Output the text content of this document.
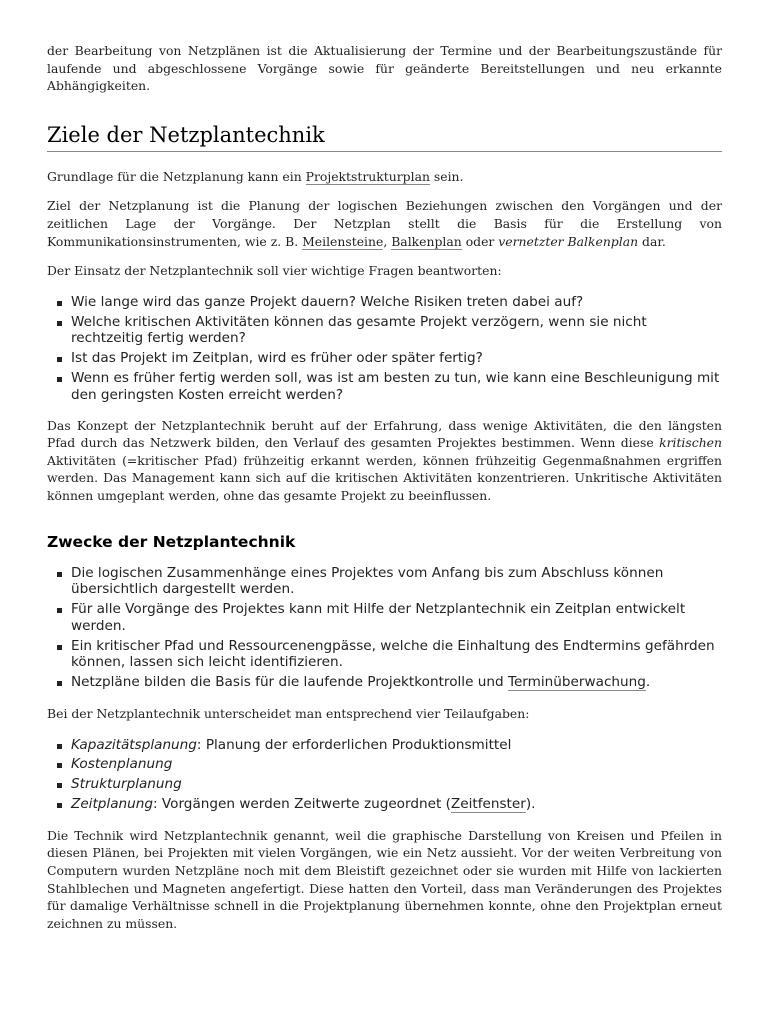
der Bearbeitung von Netzplänen ist die Aktualisierung der Termine und der Bearbeitungszustände für laufende und abgeschlossene Vorgänge sowie für geänderte Bereitstellungen und neu erkannte Abhängigkeiten.

Ziele der Netzplantechnik

Grundlage für die Netzplanung kann ein Projektstrukturplan sein.

Ziel der Netzplanung ist die Planung der logischen Beziehungen zwischen den Vorgängen und der zeitlichen Lage der Vorgänge. Der Netzplan stellt die Basis für die Erstellung von Kommunikationsinstrumenten, wie z. B. Meilensteine, Balkenplan oder vernetzter Balkenplan dar.

Der Einsatz der Netzplantechnik soll vier wichtige Fragen beantworten:

Wie lange wird das ganze Projekt dauern? Welche Risiken treten dabei auf?
Welche kritischen Aktivitäten können das gesamte Projekt verzögern, wenn sie nicht rechtzeitig fertig werden?
Ist das Projekt im Zeitplan, wird es früher oder später fertig?
Wenn es früher fertig werden soll, was ist am besten zu tun, wie kann eine Beschleunigung mit den geringsten Kosten erreicht werden?

Das Konzept der Netzplantechnik beruht auf der Erfahrung, dass wenige Aktivitäten, die den längsten Pfad durch das Netzwerk bilden, den Verlauf des gesamten Projektes bestimmen. Wenn diese kritischen Aktivitäten (=kritischer Pfad) frühzeitig erkannt werden, können frühzeitig Gegenmaßnahmen ergriffen werden. Das Management kann sich auf die kritischen Aktivitäten konzentrieren. Unkritische Aktivitäten können umgeplant werden, ohne das gesamte Projekt zu beeinflussen.

Zwecke der Netzplantechnik
Die logischen Zusammenhänge eines Projektes vom Anfang bis zum Abschluss können übersichtlich dargestellt werden.
Für alle Vorgänge des Projektes kann mit Hilfe der Netzplantechnik ein Zeitplan entwickelt werden.
Ein kritischer Pfad und Ressourcenengpässe, welche die Einhaltung des Endtermins gefährden können, lassen sich leicht identifizieren.
Netzpläne bilden die Basis für die laufende Projektkontrolle und Terminüberwachung.

Bei der Netzplantechnik unterscheidet man entsprechend vier Teilaufgaben:

Kapazitätsplanung: Planung der erforderlichen Produktionsmittel
Kostenplanung
Strukturplanung
Zeitplanung: Vorgängen werden Zeitwerte zugeordnet (Zeitfenster).

Die Technik wird Netzplantechnik genannt, weil die graphische Darstellung von Kreisen und Pfeilen in diesen Plänen, bei Projekten mit vielen Vorgängen, wie ein Netz aussieht. Vor der weiten Verbreitung von Computern wurden Netzpläne noch mit dem Bleistift gezeichnet oder sie wurden mit Hilfe von lackierten Stahlblechen und Magneten angefertigt. Diese hatten den Vorteil, dass man Veränderungen des Projektes für damalige Verhältnisse schnell in die Projektplanung übernehmen konnte, ohne den Projektplan erneut zeichnen zu müssen.
